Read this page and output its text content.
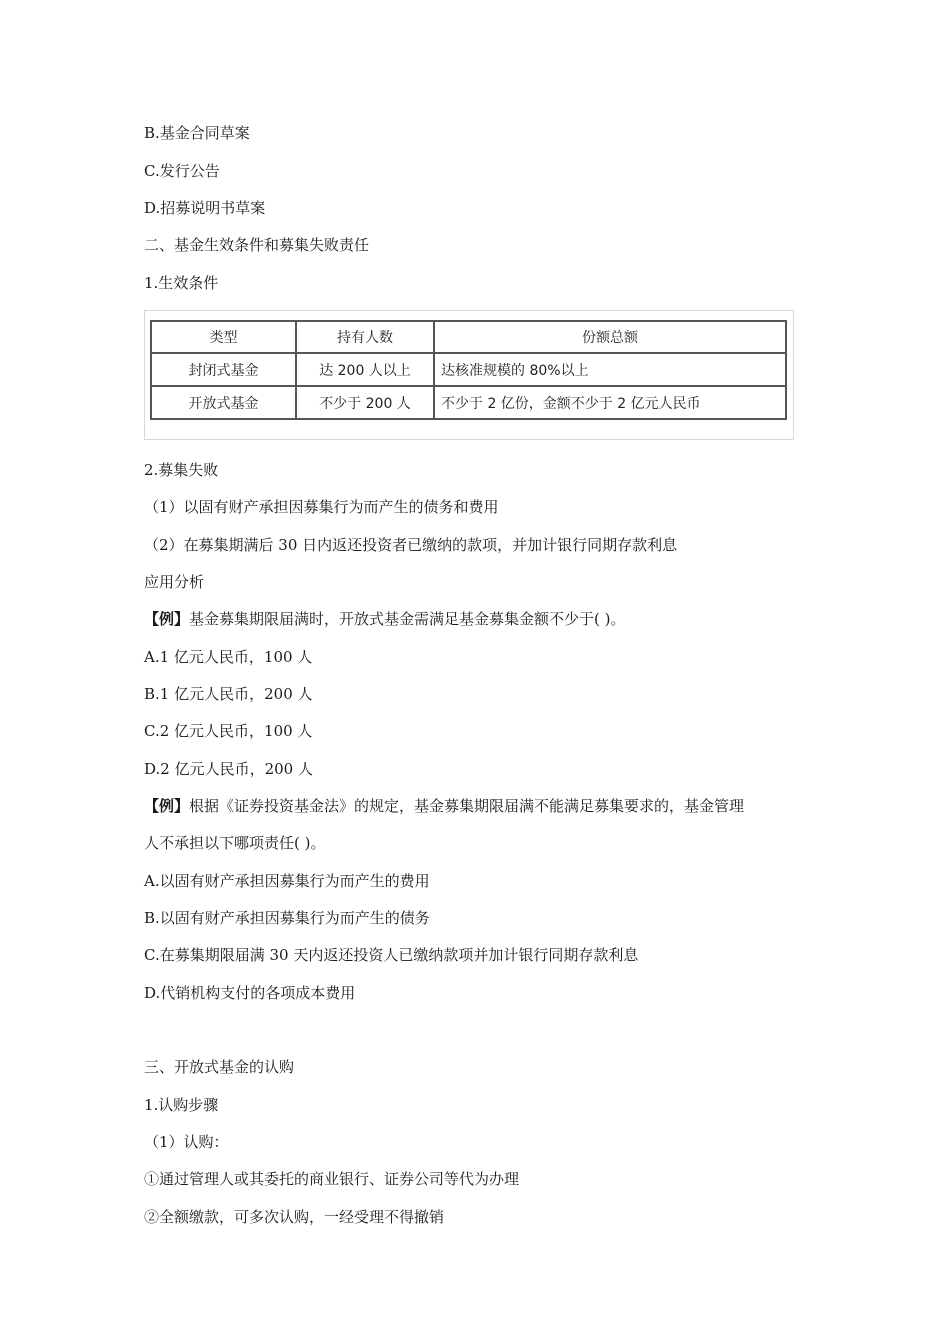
B.基金合同草案

C.发行公告

D.招募说明书草案

二、基金生效条件和募集失败责任

1.生效条件

类型	持有人数	份额总额
封闭式基金	达 200 人以上	达核准规模的 80%以上
开放式基金	不少于 200 人	不少于 2 亿份，金额不少于 2 亿元人民币

2.募集失败

（1）以固有财产承担因募集行为而产生的债务和费用

（2）在募集期满后 30 日内返还投资者已缴纳的款项，并加计银行同期存款利息

应用分析

【例】基金募集期限届满时，开放式基金需满足基金募集金额不少于( )。

A.1 亿元人民币，100 人

B.1 亿元人民币，200 人

C.2 亿元人民币，100 人

D.2 亿元人民币，200 人

【例】根据《证券投资基金法》的规定，基金募集期限届满不能满足募集要求的，基金管理

人不承担以下哪项责任( )。

A.以固有财产承担因募集行为而产生的费用

B.以固有财产承担因募集行为而产生的债务

C.在募集期限届满 30 天内返还投资人已缴纳款项并加计银行同期存款利息

D.代销机构支付的各项成本费用

三、开放式基金的认购

1.认购步骤

（1）认购：

①通过管理人或其委托的商业银行、证券公司等代为办理

②全额缴款，可多次认购，一经受理不得撤销
